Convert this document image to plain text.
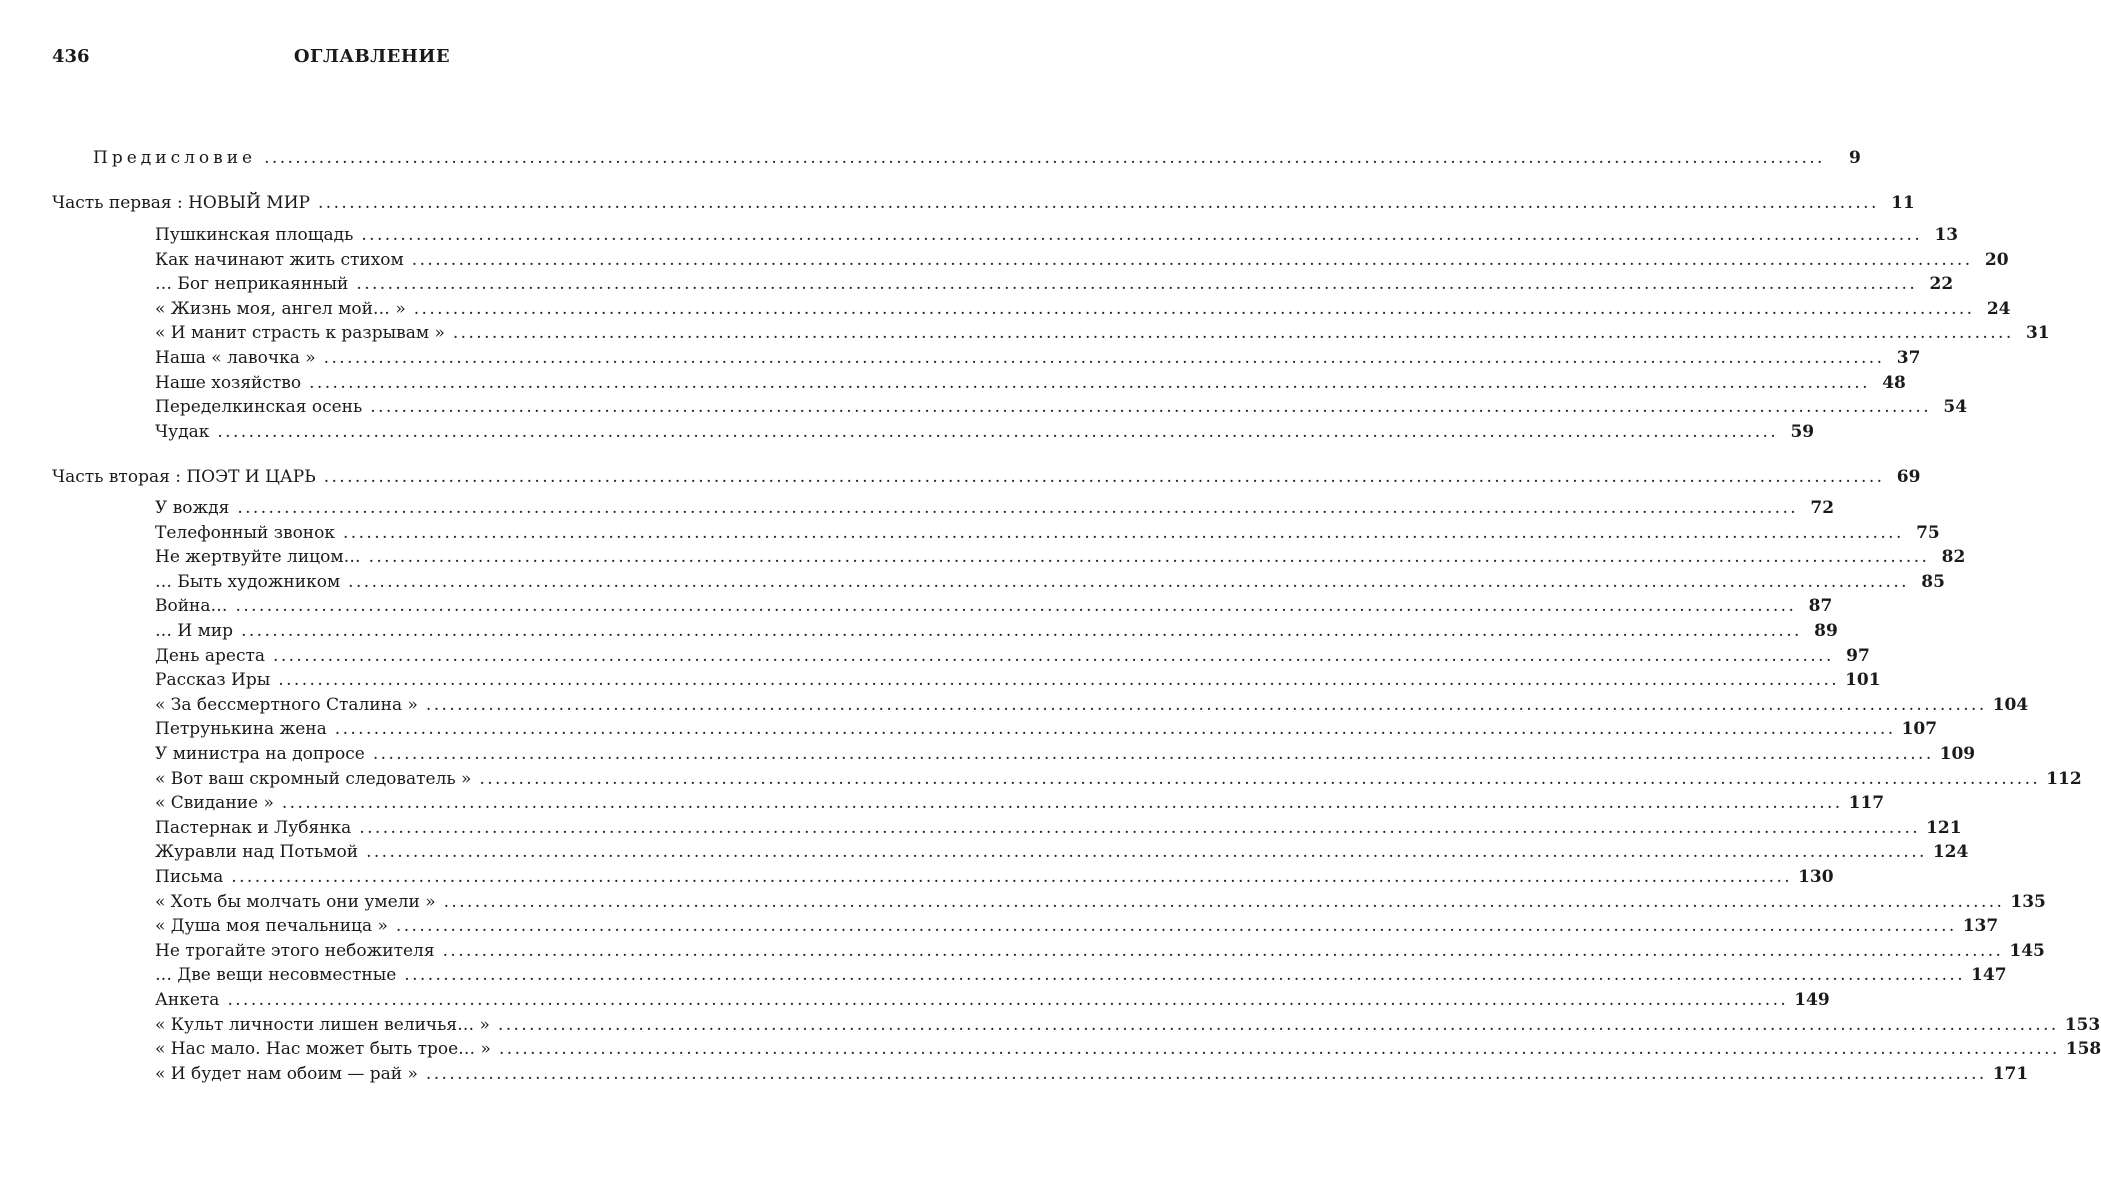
436	ОГЛАВЛЕНИЕ
Предисловие ........................................................................................................................................................................................................	9
Часть первая : НОВЫЙ МИР ........................................................................................................................................................................................................ 11
Пушкинская площадь ........................................................................................................................................................................................................ 13
Как начинают жить стихом ........................................................................................................................................................................................................ 20
… Бог неприкаянный ........................................................................................................................................................................................................ 22
« Жизнь моя, ангел мой… » ........................................................................................................................................................................................................ 24
« И манит страсть к разрывам » ........................................................................................................................................................................................................ 31
Наша « лавочка » ........................................................................................................................................................................................................ 37
Наше хозяйство ........................................................................................................................................................................................................ 48
Переделкинская осень ........................................................................................................................................................................................................ 54
Чудак ........................................................................................................................................................................................................ 59
Часть вторая : ПОЭТ И ЦАРЬ ........................................................................................................................................................................................................ 69
У вождя ........................................................................................................................................................................................................ 72
Телефонный звонок ........................................................................................................................................................................................................ 75
Не жертвуйте лицом… ........................................................................................................................................................................................................ 82
… Быть художником ........................................................................................................................................................................................................ 85
Война… ........................................................................................................................................................................................................ 87
… И мир ........................................................................................................................................................................................................ 89
День ареста ........................................................................................................................................................................................................ 97
Рассказ Иры ........................................................................................................................................................................................................ 101
« За бессмертного Сталина » ........................................................................................................................................................................................................ 104
Петрунькина жена ........................................................................................................................................................................................................ 107
У министра на допросе ........................................................................................................................................................................................................ 109
« Вот ваш скромный следователь » ........................................................................................................................................................................................................ 112
« Свидание » ........................................................................................................................................................................................................ 117
Пастернак и Лубянка ........................................................................................................................................................................................................ 121
Журавли над Потьмой ........................................................................................................................................................................................................ 124
Письма ........................................................................................................................................................................................................ 130
« Хоть бы молчать они умели » ........................................................................................................................................................................................................ 135
« Душа моя печальница » ........................................................................................................................................................................................................ 137
Не трогайте этого небожителя ........................................................................................................................................................................................................ 145
… Две вещи несовместные ........................................................................................................................................................................................................ 147
Анкета ........................................................................................................................................................................................................ 149
« Культ личности лишен величья… » ........................................................................................................................................................................................................ 153
« Нас мало. Нас может быть трое… » ........................................................................................................................................................................................................ 158
« И будет нам обоим — рай » ........................................................................................................................................................................................................ 171
